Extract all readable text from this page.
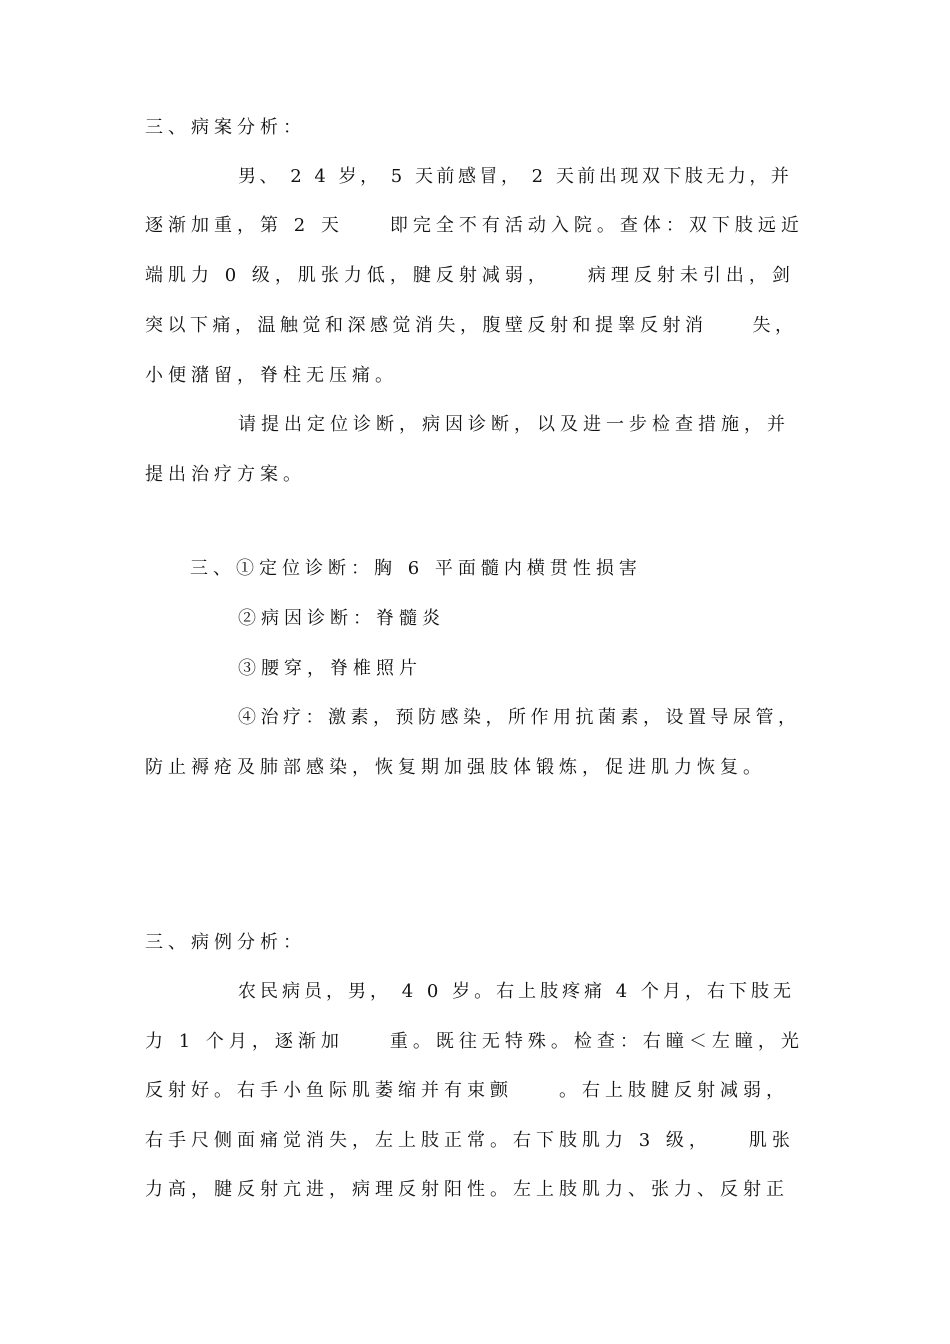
三、病案分析：
男、 2 4 岁， 5 天前感冒， 2 天前出现双下肢无力，并
逐渐加重，第 2 天　　即完全不有活动入院。查体：双下肢远近
端肌力 0 级，肌张力低，腱反射减弱，　　病理反射未引出，剑
突以下痛，温触觉和深感觉消失，腹壁反射和提睾反射消　　失，
小便潴留，脊柱无压痛。
请提出定位诊断，病因诊断，以及进一步检查措施，并
提出治疗方案。
三、①定位诊断：胸 6 平面髓内横贯性损害
②病因诊断：脊髓炎
③腰穿，脊椎照片
④治疗：激素，预防感染，所作用抗菌素，设置导尿管，
防止褥疮及肺部感染，恢复期加强肢体锻炼，促进肌力恢复。
三、病例分析：
农民病员，男， 4 0 岁。右上肢疼痛 4 个月，右下肢无
力 1 个月，逐渐加　　重。既往无特殊。检查：右瞳＜左瞳，光
反射好。右手小鱼际肌萎缩并有束颤　　。右上肢腱反射减弱，
右手尺侧面痛觉消失，左上肢正常。右下肢肌力 3 级，　　肌张
力高，腱反射亢进，病理反射阳性。左上肢肌力、张力、反射正
